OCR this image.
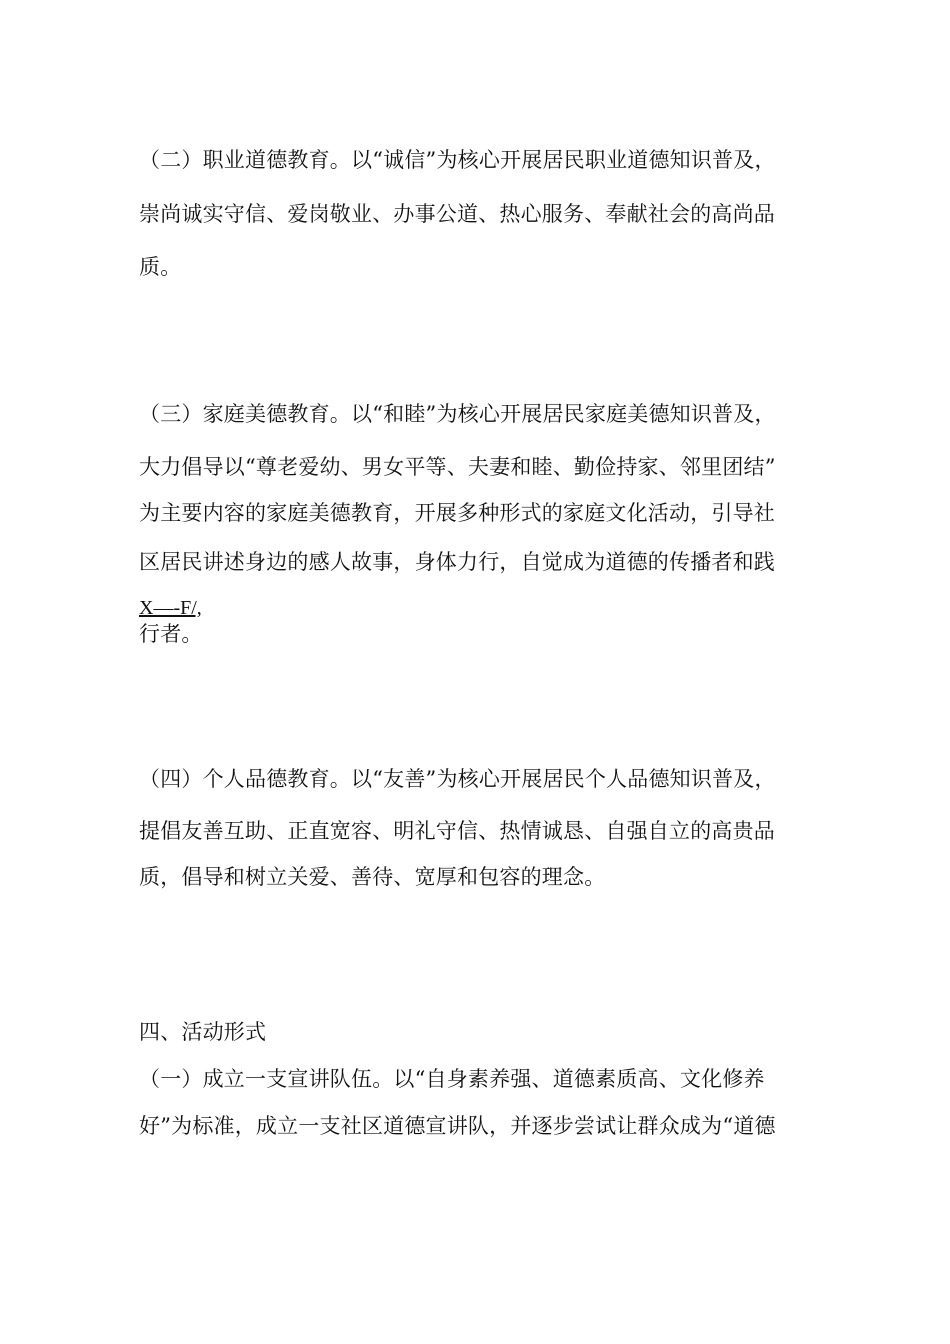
（二）职业道德教育。以“诚信”为核心开展居民职业道德知识普及，
崇尚诚实守信、爱岗敬业、办事公道、热心服务、奉献社会的高尚品
质。
（三）家庭美德教育。以“和睦”为核心开展居民家庭美德知识普及，
大力倡导以“尊老爱幼、男女平等、夫妻和睦、勤俭持家、邻里团结”
为主要内容的家庭美德教育，开展多种形式的家庭文化活动，引导社
区居民讲述身边的感人故事，身体力行，自觉成为道德的传播者和践
X—-F/,
行者。
（四）个人品德教育。以“友善”为核心开展居民个人品德知识普及，
提倡友善互助、正直宽容、明礼守信、热情诚恳、自强自立的高贵品
质，倡导和树立关爱、善待、宽厚和包容的理念。
四、活动形式
（一）成立一支宣讲队伍。以“自身素养强、道德素质高、文化修养
好”为标准，成立一支社区道德宣讲队，并逐步尝试让群众成为“道德
